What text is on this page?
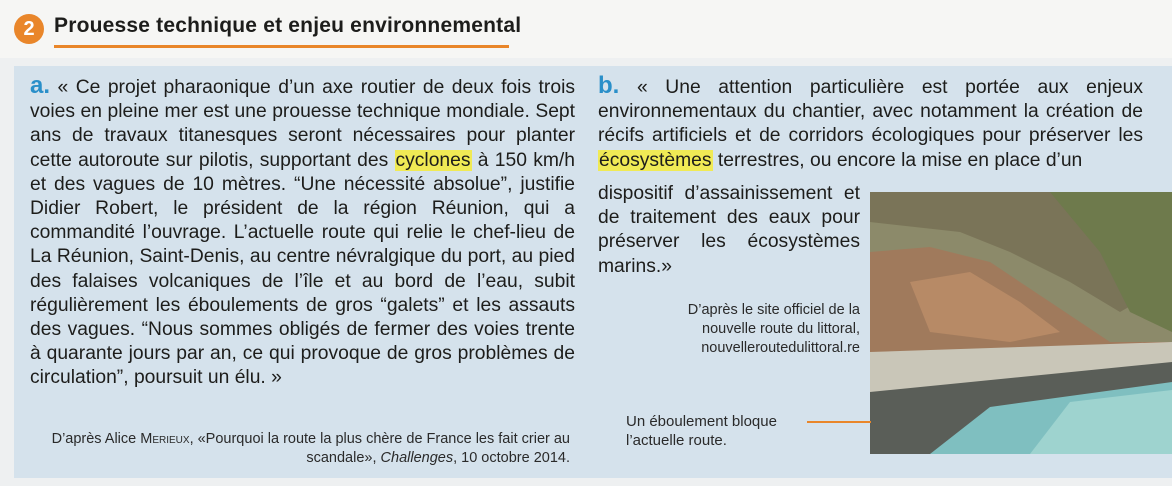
2 Prouesse technique et enjeu environnemental
a. « Ce projet pharaonique d’un axe routier de deux fois trois voies en pleine mer est une prouesse technique mondiale. Sept ans de travaux titanesques seront nécessaires pour planter cette autoroute sur pilotis, supportant des cyclones à 150 km/h et des vagues de 10 mètres. “Une nécessité absolue”, justifie Didier Robert, le président de la région Réunion, qui a commandité l’ouvrage. L’actuelle route qui relie le chef-lieu de La Réunion, Saint-Denis, au centre névralgique du port, au pied des falaises volcaniques de l’île et au bord de l’eau, subit régulièrement les éboulements de gros “galets” et les assauts des vagues. “Nous sommes obligés de fermer des voies trente à quarante jours par an, ce qui provoque de gros problèmes de circulation”, poursuit un élu. »
D’après Alice Merieux, «Pourquoi la route la plus chère de France les fait crier au scandale», Challenges, 10 octobre 2014.
b. « Une attention particulière est portée aux enjeux environnementaux du chantier, avec notamment la création de récifs artificiels et de corridors écologiques pour préserver les écosystèmes terrestres, ou encore la mise en place d’un
dispositif d’assainissement et de traitement des eaux pour préserver les écosystèmes marins.»
D’après le site officiel de la
nouvelle route du littoral,
nouvelleroutedulittoral.re
Un éboulement bloque
l’actuelle route.
